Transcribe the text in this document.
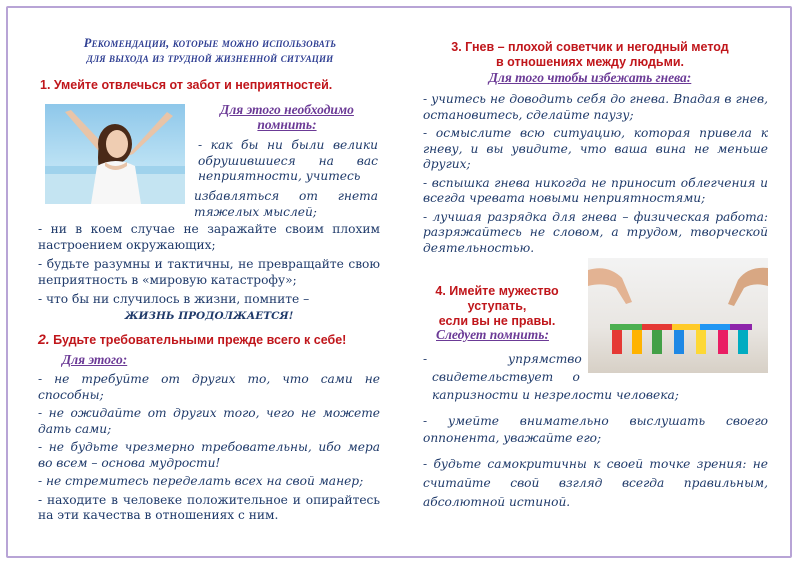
Рекомендации, которые можно использовать
для выхода из трудной жизненной ситуации
1. Умейте отвлечься от забот и неприятностей.
Для этого необходимо
помнить:
- как бы ни были велики обрушившиеся на вас неприятности, учитесь
избавляться от гнета тяжелых мыслей;
- ни в коем случае не заражайте своим плохим настроением окружающих;
- будьте разумны и тактичны, не превращайте свою неприятность в «мировую катастрофу»;
- что бы ни случилось в жизни, помните –
ЖИЗНЬ ПРОДОЛЖАЕТСЯ!
2. Будьте требовательными прежде всего к себе!
Для этого:
- не требуйте от других то, что сами не способны;
- не ожидайте от других того, чего не можете дать сами;
- не будьте чрезмерно требовательны, ибо мера во всем – основа мудрости!
- не стремитесь переделать всех на свой манер;
- находите в человеке положительное и опирайтесь на эти качества в отношениях с ним.
3. Гнев – плохой советчик и негодный метод
в отношениях между людьми.
Для того чтобы избежать гнева:
- учитесь не доводить себя до гнева. Впадая в гнев, остановитесь, сделайте паузу;
- осмыслите всю ситуацию, которая привела к гневу, и вы увидите, что ваша вина не меньше других;
- вспышка гнева никогда не приносит облегчения и всегда чревата новыми неприятностями;
- лучшая разрядка для гнева – физическая работа: разряжайтесь не словом, а трудом, творческой деятельностью.
4. Имейте мужество
уступать,
если вы не правы.
Следует помнить:
-	упрямство
свидетельствует     о
капризности и незрелости человека;
- умейте внимательно выслушать своего оппонента, уважайте его;
- будьте самокритичны к своей точке зрения: не считайте свой взгляд всегда правильным, абсолютной истиной.
